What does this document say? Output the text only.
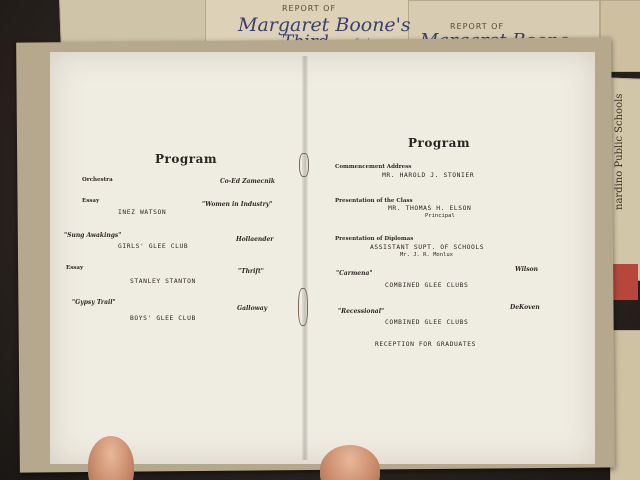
REPORT OF
Margaret Boone's	REPORT OF
nardino Public Schools
Program
Orchestra	Co-Ed Zamecnik
Essay	"Women in Industry"
INEZ WATSON
"Sung Awakings"
Hollaender
GIRLS' GLEE CLUB
Essay	"Thrift"
STANLEY STANTON
"Gypsy Trail"
Galloway
BOYS' GLEE CLUB
Program
Commencement Address
MR. HAROLD J. STONIER
Presentation of the Class
MR. THOMAS H. ELSON
Principal
Presentation of Diplomas
ASSISTANT SUPT. OF SCHOOLS
Mr. J. R. Monlux
"Carmena"
Wilson
COMBINED GLEE CLUBS
"Recessional"
DeKoven
COMBINED GLEE CLUBS
RECEPTION FOR GRADUATES
